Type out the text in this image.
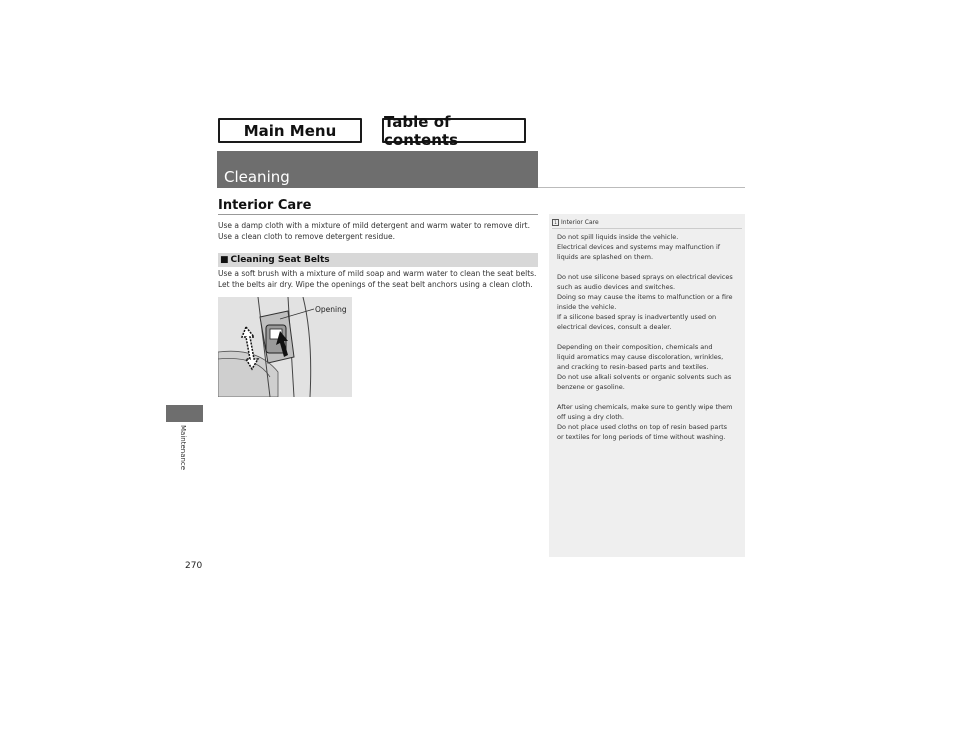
Main Menu	Table of contents
Cleaning
Maintenance
270
Interior Care
Use a damp cloth with a mixture of mild detergent and warm water to remove dirt.
Use a clean cloth to remove detergent residue.
■ Cleaning Seat Belts
Use a soft brush with a mixture of mild soap and warm water to clean the seat belts.
Let the belts air dry. Wipe the openings of the seat belt anchors using a clean cloth.
Opening
1 Interior Care
Do not spill liquids inside the vehicle.
Electrical devices and systems may malfunction if
liquids are splashed on them.
Do not use silicone based sprays on electrical devices
such as audio devices and switches.
Doing so may cause the items to malfunction or a fire
inside the vehicle.
If a silicone based spray is inadvertently used on
electrical devices, consult a dealer.
Depending on their composition, chemicals and
liquid aromatics may cause discoloration, wrinkles,
and cracking to resin-based parts and textiles.
Do not use alkali solvents or organic solvents such as
benzene or gasoline.
After using chemicals, make sure to gently wipe them
off using a dry cloth.
Do not place used cloths on top of resin based parts
or textiles for long periods of time without washing.
